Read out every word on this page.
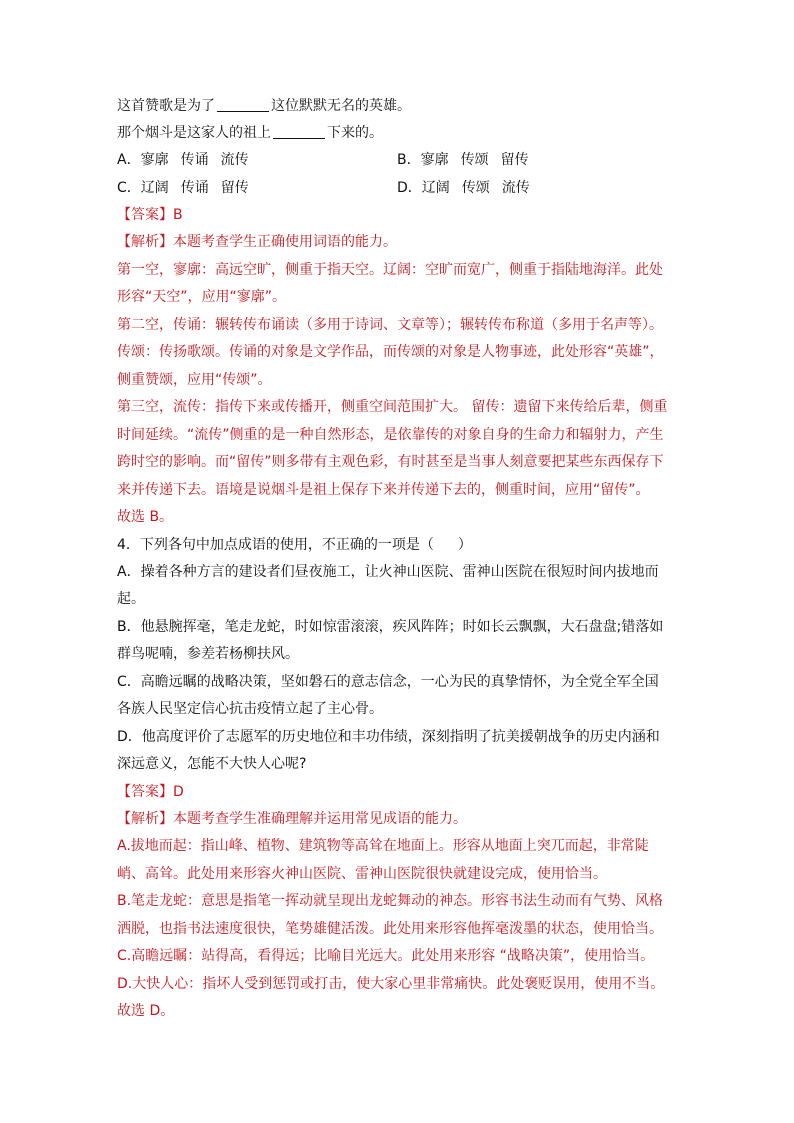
这首赞歌是为了	这位默默无名的英雄。
那个烟斗是这家人的祖上	下来的。
A．寥廓 传诵 流传	B．寥廓 传颂 留传
C．辽阔 传诵 留传	D．辽阔 传颂 流传
【答案】B
【解析】本题考查学生正确使用词语的能力。
第一空，寥廓：高远空旷，侧重于指天空。辽阔：空旷而宽广，侧重于指陆地海洋。此处
形容“天空”，应用“寥廓”。
第二空，传诵：辗转传布诵读（多用于诗词、文章等）；辗转传布称道（多用于名声等）。
传颂：传扬歌颂。传诵的对象是文学作品，而传颂的对象是人物事迹，此处形容“英雄”，
侧重赞颂，应用“传颂”。
第三空，流传：指传下来或传播开，侧重空间范围扩大。 留传：遗留下来传给后辈，侧重
时间延续。“流传”侧重的是一种自然形态，是依靠传的对象自身的生命力和辐射力，产生
跨时空的影响。而“留传”则多带有主观色彩，有时甚至是当事人刻意要把某些东西保存下
来并传递下去。语境是说烟斗是祖上保存下来并传递下去的，侧重时间，应用“留传”。
故选 B。
4．下列各句中加点成语的使用，不正确的一项是（ ）
A．操着各种方言的建设者们昼夜施工，让火神山医院、雷神山医院在很短时间内拔地而
起。
B．他悬腕挥毫，笔走龙蛇，时如惊雷滚滚，疾风阵阵；时如长云飘飘，大石盘盘;错落如
群鸟呢喃，参差若杨柳扶风。
C．高瞻远瞩的战略决策，坚如磐石的意志信念，一心为民的真挚情怀，为全党全军全国
各族人民坚定信心抗击疫情立起了主心骨。
D．他高度评价了志愿军的历史地位和丰功伟绩，深刻指明了抗美援朝战争的历史内涵和
深远意义，怎能不大快人心呢?
【答案】D
【解析】本题考查学生准确理解并运用常见成语的能力。
A.拔地而起：指山峰、植物、建筑物等高耸在地面上。形容从地面上突兀而起，非常陡
峭、高耸。此处用来形容火神山医院、雷神山医院很快就建设完成，使用恰当。
B.笔走龙蛇：意思是指笔一挥动就呈现出龙蛇舞动的神态。形容书法生动而有气势、风格
洒脱，也指书法速度很快，笔势雄健活泼。此处用来形容他挥毫泼墨的状态，使用恰当。
C.高瞻远瞩：站得高，看得远；比喻目光远大。此处用来形容 “战略决策”，使用恰当。
D.大快人心：指坏人受到惩罚或打击，使大家心里非常痛快。此处褒贬误用，使用不当。
故选 D。
